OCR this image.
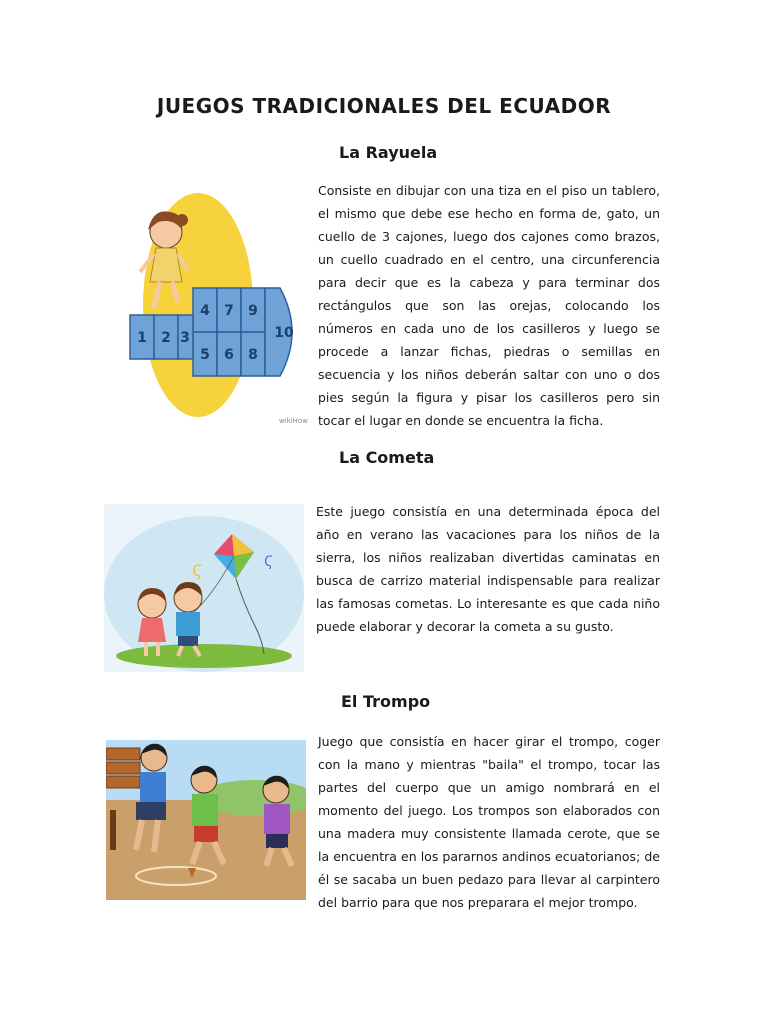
JUEGOS TRADICIONALES DEL ECUADOR
La Rayuela
1 2 3
4
5 6
7
8
9
10
wikiHow

Consiste en dibujar con una tiza en el piso un tablero, el mismo que debe ese hecho en forma de, gato, un cuello de 3 cajones, luego dos cajones como brazos, un cuello cuadrado en el centro, una circunferencia para decir que es la cabeza y para terminar dos rectángulos que son las orejas, colocando los números en cada uno de los casilleros y luego se procede a lanzar fichas, piedras o semillas en secuencia y los niños deberán saltar con uno o dos pies según la figura y pisar los casilleros pero sin tocar el lugar en donde se encuentra la ficha.

La Cometa
Ϛ	Ϛ

Este juego consistía en una determinada época del año en verano las vacaciones para los niños de la sierra, los niños realizaban divertidas caminatas en busca de carrizo material indispensable para realizar las famosas cometas. Lo interesante es que cada niño puede elaborar y decorar la cometa a su gusto.

El Trompo

Juego que consistía en hacer girar el trompo, coger con la mano y mientras "baila" el trompo, tocar las partes del cuerpo que un amigo nombrará en el momento del juego. Los trompos son elaborados con una madera muy consistente llamada cerote, que se la encuentra en los pararnos andinos ecuatorianos; de él se sacaba un buen pedazo para llevar al carpintero del barrio para que nos preparara el mejor trompo.
